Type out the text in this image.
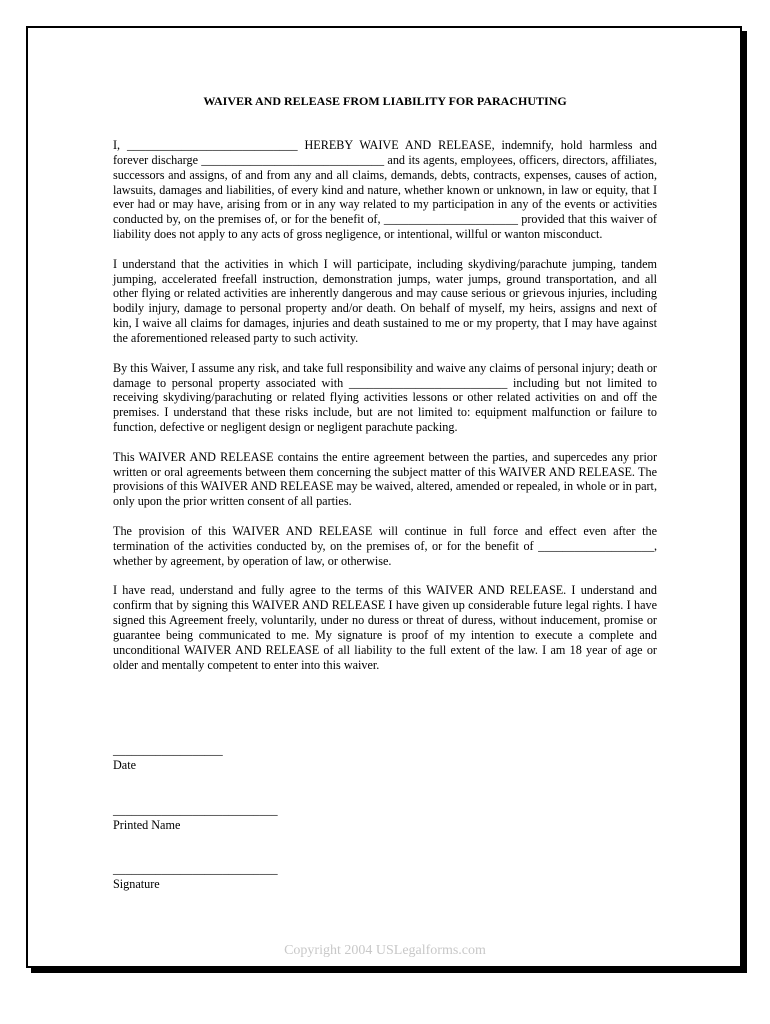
WAIVER AND RELEASE FROM LIABILITY FOR PARACHUTING

I, ____________________________ HEREBY WAIVE AND RELEASE, indemnify, hold harmless and forever discharge ______________________________ and its agents, employees, officers, directors, affiliates, successors and assigns, of and from any and all claims, demands, debts, contracts, expenses, causes of action, lawsuits, damages and liabilities, of every kind and nature, whether known or unknown, in law or equity, that I ever had or may have, arising from or in any way related to my participation in any of the events or activities conducted by, on the premises of, or for the benefit of, ______________________ provided that this waiver of liability does not apply to any acts of gross negligence, or intentional, willful or wanton misconduct.

I understand that the activities in which I will participate, including skydiving/parachute jumping, tandem jumping, accelerated freefall instruction, demonstration jumps, water jumps, ground transportation, and all other flying or related activities are inherently dangerous and may cause serious or grievous injuries, including bodily injury, damage to personal property and/or death. On behalf of myself, my heirs, assigns and next of kin, I waive all claims for damages, injuries and death sustained to me or my property, that I may have against the aforementioned released party to such activity.

By this Waiver, I assume any risk, and take full responsibility and waive any claims of personal injury; death or damage to personal property associated with __________________________ including but not limited to receiving skydiving/parachuting or related flying activities lessons or other related activities on and off the premises. I understand that these risks include, but are not limited to: equipment malfunction or failure to function, defective or negligent design or negligent parachute packing.

This WAIVER AND RELEASE contains the entire agreement between the parties, and supercedes any prior written or oral agreements between them concerning the subject matter of this WAIVER AND RELEASE. The provisions of this WAIVER AND RELEASE may be waived, altered, amended or repealed, in whole or in part, only upon the prior written consent of all parties.

The provision of this WAIVER AND RELEASE will continue in full force and effect even after the termination of the activities conducted by, on the premises of, or for the benefit of ___________________, whether by agreement, by operation of law, or otherwise.

I have read, understand and fully agree to the terms of this WAIVER AND RELEASE. I understand and confirm that by signing this WAIVER AND RELEASE I have given up considerable future legal rights. I have signed this Agreement freely, voluntarily, under no duress or threat of duress, without inducement, promise or guarantee being communicated to me. My signature is proof of my intention to execute a complete and unconditional WAIVER AND RELEASE of all liability to the full extent of the law. I am 18 year of age or older and mentally competent to enter into this waiver.

__________________
Date
___________________________
Printed Name
___________________________
Signature
Copyright 2004 USLegalforms.com
